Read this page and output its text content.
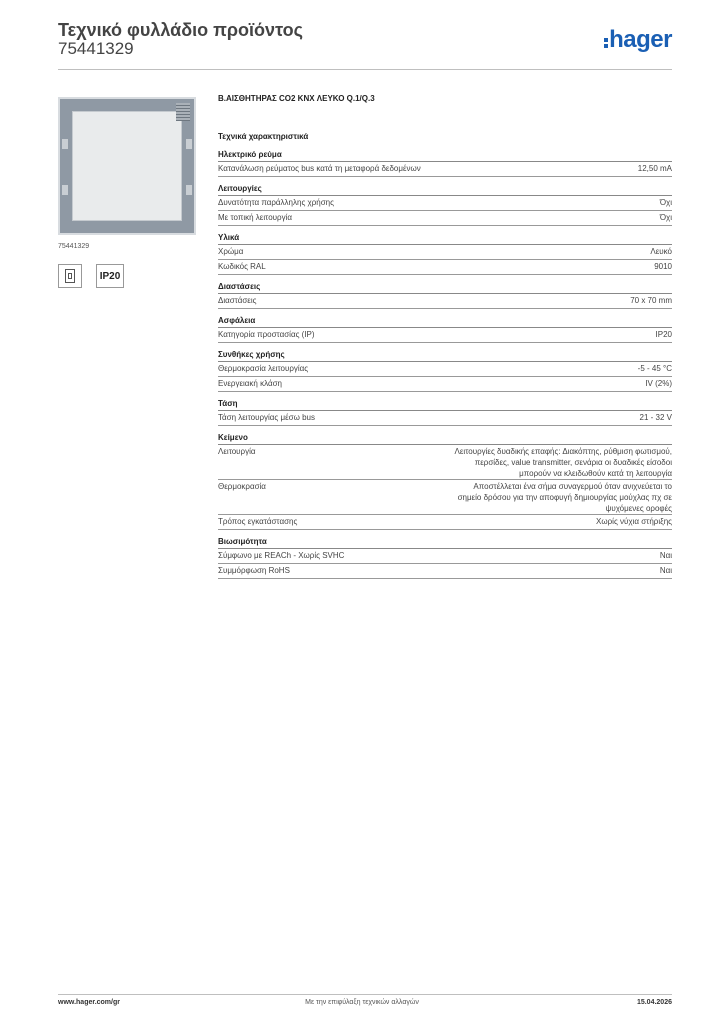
Τεχνικό φυλλάδιο προϊόντος
75441329	hager
75441329
IP20
B.ΑΙΣΘΗΤΗΡΑΣ CO2 KNX ΛΕΥΚΟ Q.1/Q.3
Τεχνικά χαρακτηριστικά
Ηλεκτρικό ρεύμα
Κατανάλωση ρεύματος bus κατά τη μεταφορά δεδομένων	12,50 mA
Λειτουργίες
Δυνατότητα παράλληλης χρήσης	Όχι
Με τοπική λειτουργία	Όχι
Υλικά
Χρώμα	Λευκό
Κωδικός RAL	9010
Διαστάσεις
Διαστάσεις	70 x 70 mm
Ασφάλεια
Κατηγορία προστασίας (IP)	IP20
Συνθήκες χρήσης
Θερμοκρασία λειτουργίας	-5 - 45 °C
Ενεργειακή κλάση	IV (2%)
Τάση
Τάση λειτουργίας μέσω bus	21 - 32 V
Κείμενο
Λειτουργία	Λειτουργίες δυαδικής επαφής: Διακόπτης, ρύθμιση φωτισμού, περσίδες, value transmitter, σενάρια οι δυαδικές είσοδοι μπορούν να κλειδωθούν κατά τη λειτουργία
Θερμοκρασία	Αποστέλλεται ένα σήμα συναγερμού όταν ανιχνεύεται το σημείο δρόσου για την αποφυγή δημιουργίας μούχλας πχ σε ψυχόμενες οροφές
Τρόπος εγκατάστασης	Χωρίς νύχια στήριξης
Βιωσιμότητα
Σύμφωνο με REACh - Χωρίς SVHC	Ναι
Συμμόρφωση RoHS	Ναι
Με την επιφύλαξη τεχνικών αλλαγών
www.hager.com/gr	15.04.2026
